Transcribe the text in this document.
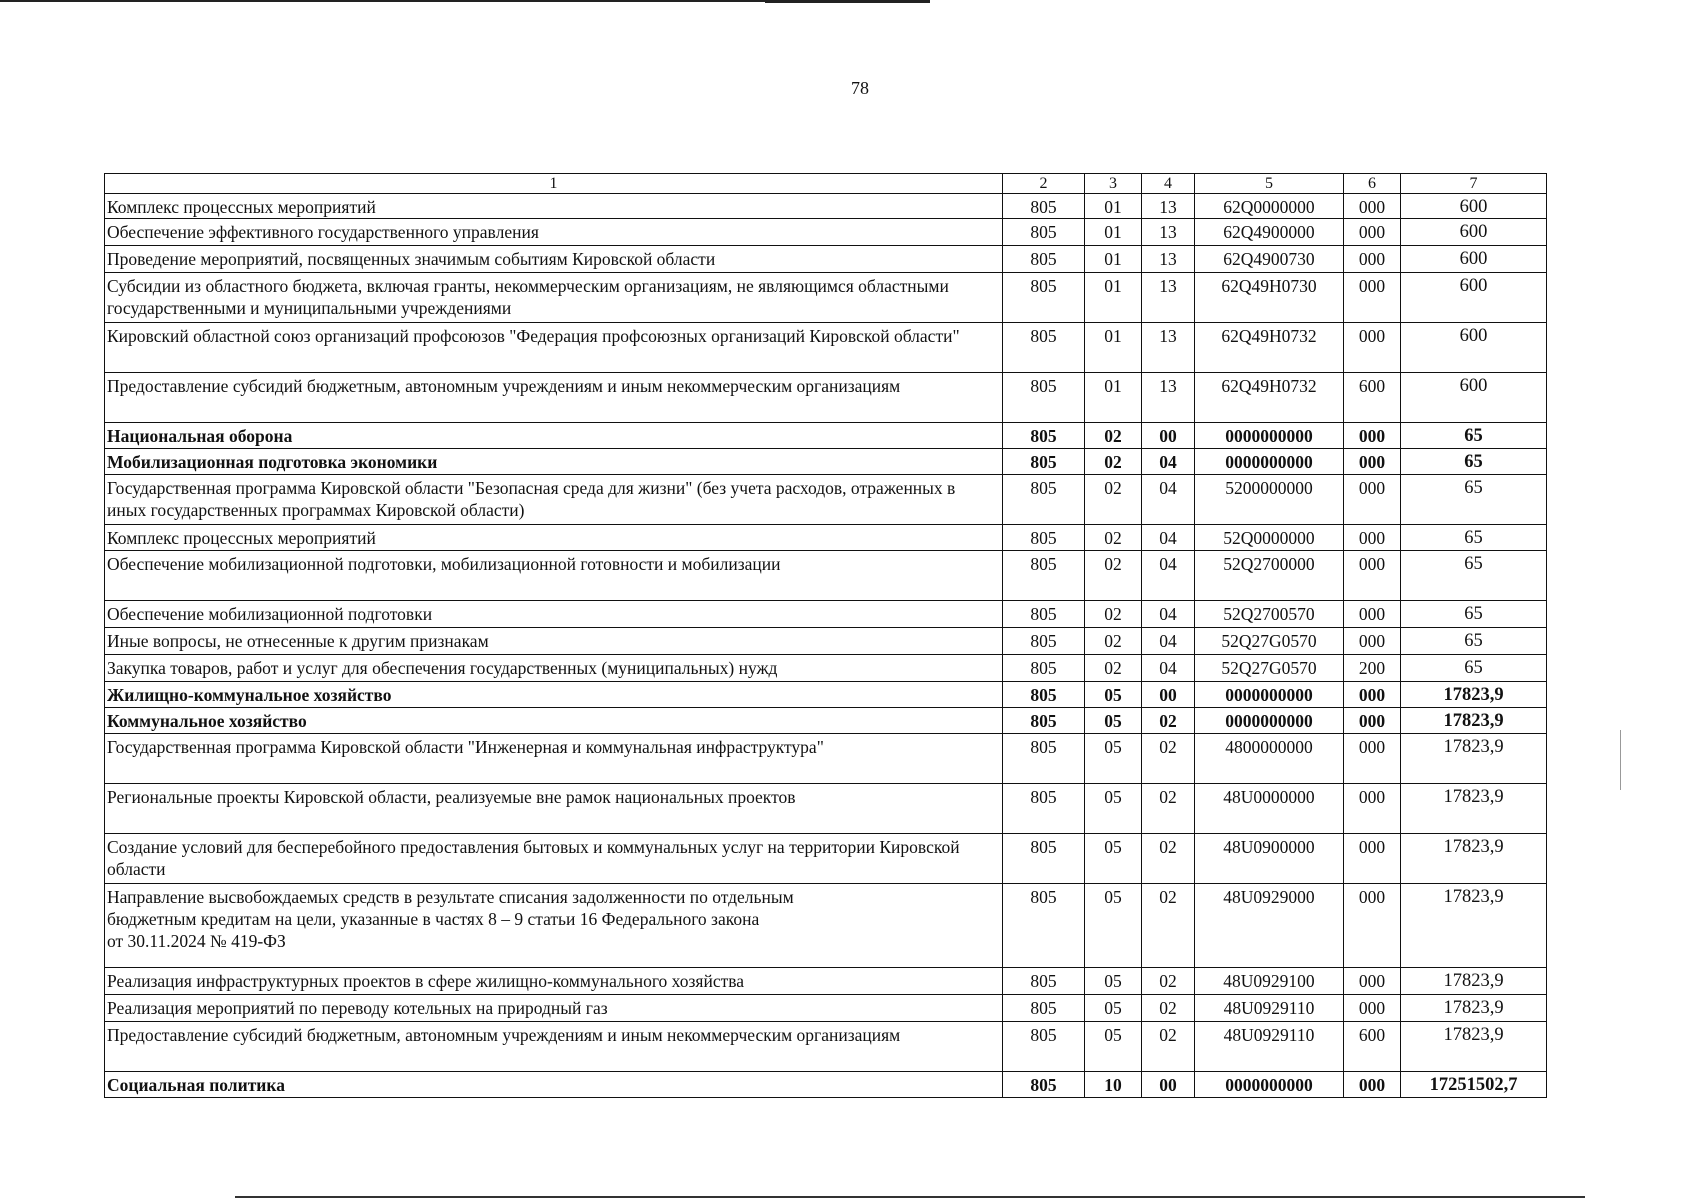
78
1	2	3	4	5	6	7
Комплекс процессных мероприятий	805	01	13	62Q0000000	000	600
Обеспечение эффективного государственного управления	805	01	13	62Q4900000	000	600
Проведение мероприятий, посвященных значимым событиям Кировской области	805	01	13	62Q4900730	000	600
Субсидии из областного бюджета, включая гранты, некоммерческим организациям, не являющимся областными государственными и муниципальными учреждениями	805	01	13	62Q49H0730	000	600
Кировский областной союз организаций профсоюзов "Федерация профсоюзных организаций Кировской области"	805	01	13	62Q49H0732	000	600
Предоставление субсидий бюджетным, автономным учреждениям и иным некоммерческим организациям	805	01	13	62Q49H0732	600	600
Национальная оборона	805	02	00	0000000000	000	65
Мобилизационная подготовка экономики	805	02	04	0000000000	000	65
Государственная программа Кировской области "Безопасная среда для жизни" (без учета расходов, отраженных в иных государственных программах Кировской области)	805	02	04	5200000000	000	65
Комплекс процессных мероприятий	805	02	04	52Q0000000	000	65
Обеспечение мобилизационной подготовки, мобилизационной готовности и мобилизации	805	02	04	52Q2700000	000	65
Обеспечение мобилизационной подготовки	805	02	04	52Q2700570	000	65
Иные вопросы, не отнесенные к другим признакам	805	02	04	52Q27G0570	000	65
Закупка товаров, работ и услуг для обеспечения государственных (муниципальных) нужд	805	02	04	52Q27G0570	200	65
Жилищно-коммунальное хозяйство	805	05	00	0000000000	000	17823,9
Коммунальное хозяйство	805	05	02	0000000000	000	17823,9
Государственная программа Кировской области "Инженерная и коммунальная инфраструктура"	805	05	02	4800000000	000	17823,9
Региональные проекты Кировской области, реализуемые вне рамок национальных проектов	805	05	02	48U0000000	000	17823,9
Создание условий для бесперебойного предоставления бытовых и коммунальных услуг на территории Кировской области	805	05	02	48U0900000	000	17823,9

Направление высвобождаемых средств в результате списания задолженности по отдельным
бюджетным кредитам на цели, указанные в частях 8 – 9 статьи 16 Федерального закона
от 30.11.2024 № 419-ФЗ	805	05	02	48U0929000	000	17823,9
Реализация инфраструктурных проектов в сфере жилищно-коммунального хозяйства	805	05	02	48U0929100	000	17823,9
Реализация мероприятий по переводу котельных на природный газ	805	05	02	48U0929110	000	17823,9
Предоставление субсидий бюджетным, автономным учреждениям и иным некоммерческим организациям	805	05	02	48U0929110	600	17823,9
Социальная политика	805	10	00	0000000000	000	17251502,7
